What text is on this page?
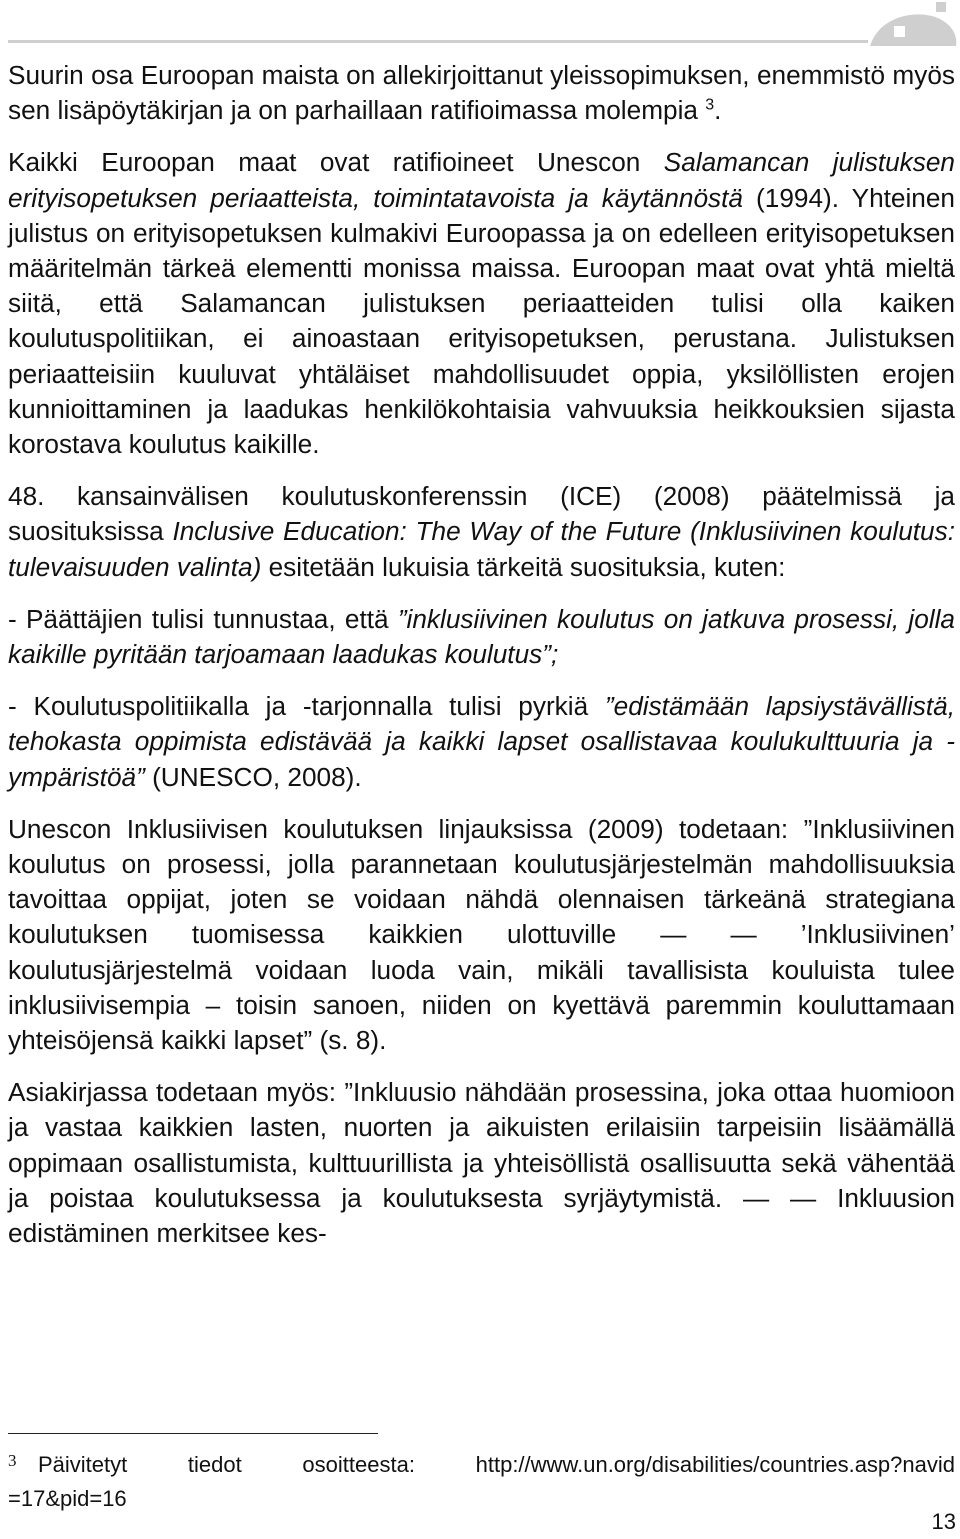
Suurin osa Euroopan maista on allekirjoittanut yleissopimuksen, enemmistö myös sen lisäpöytäkirjan ja on parhaillaan ratifioimassa molempia $^3$.

Kaikki Euroopan maat ovat ratifioineet Unescon Salamancan julistuksen erityisopetuksen periaatteista, toimintatavoista ja käytännöstä (1994). Yhteinen julistus on erityisopetuksen kulmakivi Euroopassa ja on edelleen erityisopetuksen määritelmän tärkeä elementti monissa maissa. Euroopan maat ovat yhtä mieltä siitä, että Salamancan julistuksen periaatteiden tulisi olla kaiken koulutuspolitiikan, ei ainoastaan erityisopetuksen, perustana. Julistuksen periaatteisiin kuuluvat yhtäläiset mahdollisuudet oppia, yksilöllisten erojen kunnioittaminen ja laadukas henkilökohtaisia vahvuuksia heikkouksien sijasta korostava koulutus kaikille.

48. kansainvälisen koulutuskonferenssin (ICE) (2008) päätelmissä ja suosituksissa Inclusive Education: The Way of the Future (Inklusiivinen koulutus: tulevaisuuden valinta) esitetään lukuisia tärkeitä suosituksia, kuten:

- Päättäjien tulisi tunnustaa, että ”inklusiivinen koulutus on jatkuva prosessi, jolla kaikille pyritään tarjoamaan laadukas koulutus”;

- Koulutuspolitiikalla ja -tarjonnalla tulisi pyrkiä ”edistämään lapsiystävällistä, tehokasta oppimista edistävää ja kaikki lapset osallistavaa koulukulttuuria ja -ympäristöä” (UNESCO, 2008).

Unescon Inklusiivisen koulutuksen linjauksissa (2009) todetaan: ”Inklusiivinen koulutus on prosessi, jolla parannetaan koulutusjärjestelmän mahdollisuuksia tavoittaa oppijat, joten se voidaan nähdä olennaisen tärkeänä strategiana koulutuksen tuomisessa kaikkien ulottuville — — ’Inklusiivinen’ koulutusjärjestelmä voidaan luoda vain, mikäli tavallisista kouluista tulee inklusiivisempia – toisin sanoen, niiden on kyettävä paremmin kouluttamaan yhteisöjensä kaikki lapset” (s. 8).

Asiakirjassa todetaan myös: ”Inkluusio nähdään prosessina, joka ottaa huomioon ja vastaa kaikkien lasten, nuorten ja aikuisten erilaisiin tarpeisiin lisäämällä oppimaan osallistumista, kulttuurillista ja yhteisöllistä osallisuutta sekä vähentää ja poistaa koulutuksessa ja koulutuksesta syrjäytymistä. — — Inkluusion edistäminen merkitsee kes-

3 Päivitetyt tiedot osoitteesta: http://www.un.org/disabilities/countries.asp?navid
=17&pid=16
13
